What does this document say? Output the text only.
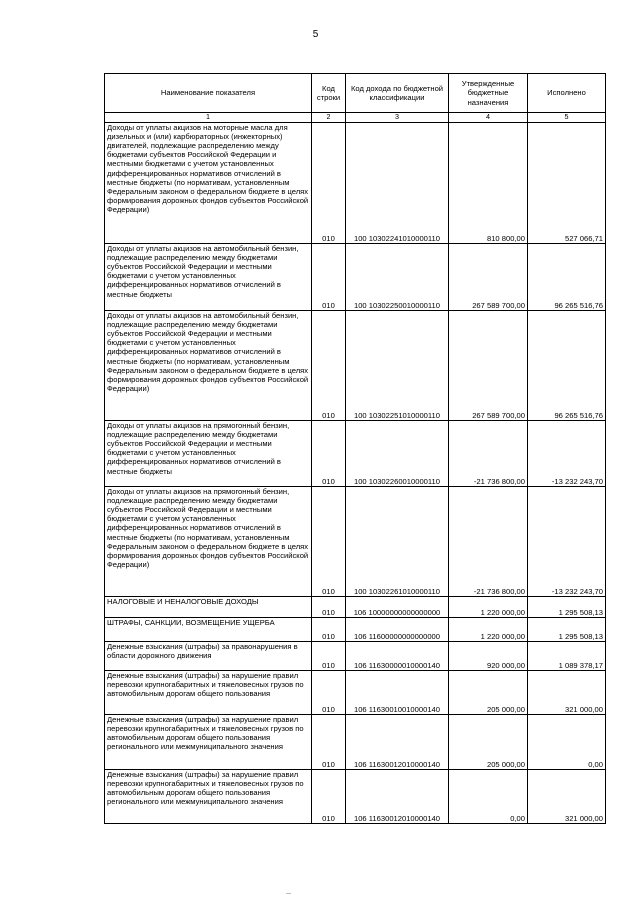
5
Наименование показателя	Код строки	Код дохода по бюджетной классификации	Утвержденные бюджетные назначения	Исполнено
1	2	3	4	5
Доходы от уплаты акцизов на моторные масла для дизельных и (или) карбюраторных (инжекторных) двигателей, подлежащие распределению между бюджетами субъектов Российской Федерации и местными бюджетами с учетом установленных дифференцированных нормативов отчислений в местные бюджеты (по нормативам, установленным Федеральным законом о федеральном бюджете в целях формирования дорожных фондов субъектов Российской Федерации)	010	100 10302241010000110	810 800,00	527 066,71
Доходы от уплаты акцизов на автомобильный бензин, подлежащие распределению между бюджетами субъектов Российской Федерации и местными бюджетами с учетом установленных дифференцированных нормативов отчислений в местные бюджеты	010	100 10302250010000110	267 589 700,00	96 265 516,76
Доходы от уплаты акцизов на автомобильный бензин, подлежащие распределению между бюджетами субъектов Российской Федерации и местными бюджетами с учетом установленных дифференцированных нормативов отчислений в местные бюджеты (по нормативам, установленным Федеральным законом о федеральном бюджете в целях формирования дорожных фондов субъектов Российской Федерации)	010	100 10302251010000110	267 589 700,00	96 265 516,76
Доходы от уплаты акцизов на прямогонный бензин, подлежащие распределению между бюджетами субъектов Российской Федерации и местными бюджетами с учетом установленных дифференцированных нормативов отчислений в местные бюджеты	010	100 10302260010000110	-21 736 800,00	-13 232 243,70
Доходы от уплаты акцизов на прямогонный бензин, подлежащие распределению между бюджетами субъектов Российской Федерации и местными бюджетами с учетом установленных дифференцированных нормативов отчислений в местные бюджеты (по нормативам, установленным Федеральным законом о федеральном бюджете в целях формирования дорожных фондов субъектов Российской Федерации)	010	100 10302261010000110	-21 736 800,00	-13 232 243,70
НАЛОГОВЫЕ И НЕНАЛОГОВЫЕ ДОХОДЫ	010	106 10000000000000000	1 220 000,00	1 295 508,13
ШТРАФЫ, САНКЦИИ, ВОЗМЕЩЕНИЕ УЩЕРБА	010	106 11600000000000000	1 220 000,00	1 295 508,13
Денежные взыскания (штрафы) за правонарушения в области дорожного движения	010	106 11630000010000140	920 000,00	1 089 378,17
Денежные взыскания (штрафы) за нарушение правил перевозки крупногабаритных и тяжеловесных грузов по автомобильным дорогам общего пользования	010	106 11630010010000140	205 000,00	321 000,00
Денежные взыскания (штрафы) за нарушение правил перевозки крупногабаритных и тяжеловесных грузов по автомобильным дорогам общего пользования регионального или межмуниципального значения	010	106 11630012010000140	205 000,00	0,00
Денежные взыскания (штрафы) за нарушение правил перевозки крупногабаритных и тяжеловесных грузов по автомобильным дорогам общего пользования регионального или межмуниципального значения	010	106 11630012010000140	0,00	321 000,00
